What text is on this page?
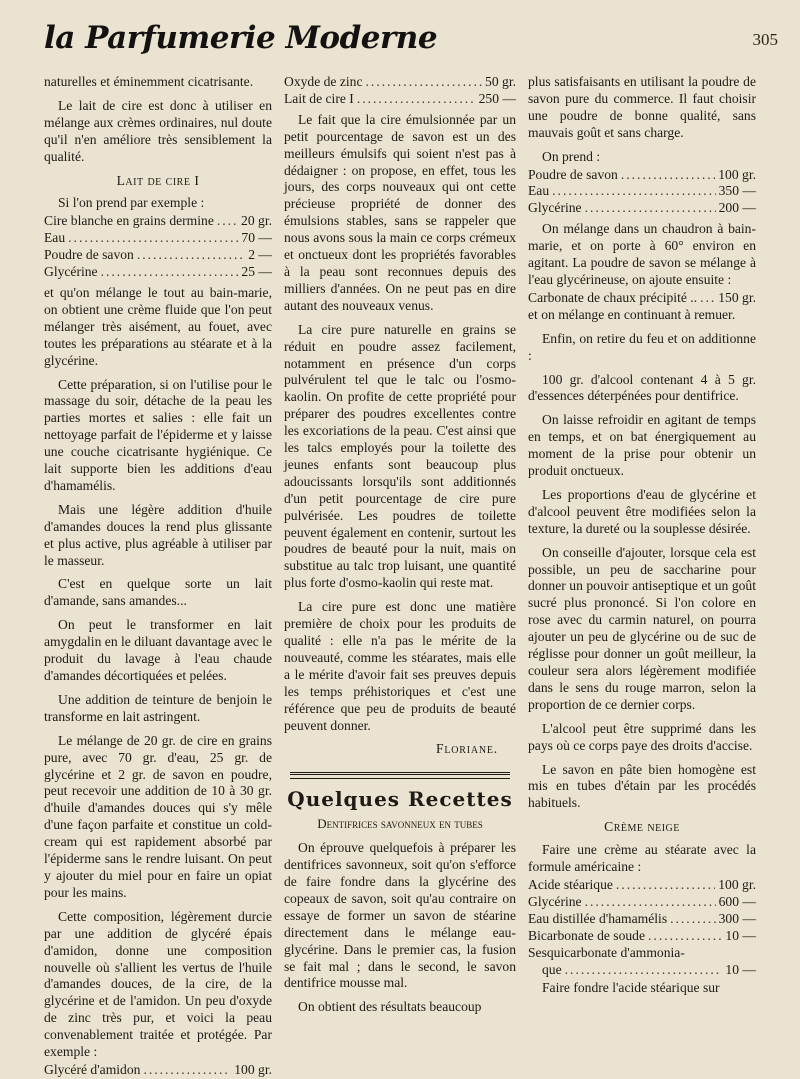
la Parfumerie Moderne	305

naturelles et éminemment cicatrisante.

Le lait de cire est donc à utiliser en mélange aux crèmes ordinaires, nul doute qu'il n'en améliore très sensiblement la qualité.

Lait de cire I

Si l'on prend par exemple :

Cire blanche en grains dermine ..... 20 gr.
Eau .....	70 —
Poudre de savon .....	2 —
Glycérine .....	25 —

et qu'on mélange le tout au bain-marie, on obtient une crème fluide que l'on peut mélanger très aisément, au fouet, avec toutes les préparations au stéarate et à la glycérine.

Cette préparation, si on l'utilise pour le massage du soir, détache de la peau les parties mortes et salies : elle fait un nettoyage parfait de l'épiderme et y laisse une couche cicatrisante hygiénique. Ce lait supporte bien les additions d'eau d'hamamélis.

Mais une légère addition d'huile d'amandes douces la rend plus glissante et plus active, plus agréable à utiliser par le masseur.

C'est en quelque sorte un lait d'amande, sans amandes...

On peut le transformer en lait amygdalin en le diluant davantage avec le produit du lavage à l'eau chaude d'amandes décortiquées et pelées.

Une addition de teinture de benjoin le transforme en lait astringent.

Le mélange de 20 gr. de cire en grains pure, avec 70 gr. d'eau, 25 gr. de glycérine et 2 gr. de savon en poudre, peut recevoir une addition de 10 à 30 gr. d'huile d'amandes douces qui s'y mêle d'une façon parfaite et constitue un cold-cream qui est rapidement absorbé par l'épiderme sans le rendre luisant. On peut y ajouter du miel pour en faire un opiat pour les mains.

Cette composition, légèrement durcie par une addition de glycéré épais d'amidon, donne une composition nouvelle où s'allient les vertus de l'huile d'amandes douces, de la cire, de la glycérine et de l'amidon. Un peu d'oxyde de zinc très pur, et voici la peau convenablement traitée et protégée. Par exemple :

Glycéré d'amidon .....	100 gr.
Oxyde de zinc .....	50 gr.
Lait de cire I .....	250 —

Le fait que la cire émulsionnée par un petit pourcentage de savon est un des meilleurs émulsifs qui soient n'est pas à dédaigner : on propose, en effet, tous les jours, des corps nouveaux qui ont cette précieuse propriété de donner des émulsions stables, sans se rappeler que nous avons sous la main ce corps crémeux et onctueux dont les propriétés favorables à la peau sont reconnues depuis des milliers d'années. On ne peut pas en dire autant des nouveaux venus.

La cire pure naturelle en grains se réduit en poudre assez facilement, notamment en présence d'un corps pulvérulent tel que le talc ou l'osmo-kaolin. On profite de cette propriété pour préparer des poudres excellentes contre les excoriations de la peau. C'est ainsi que les talcs employés pour la toilette des jeunes enfants sont beaucoup plus adoucissants lorsqu'ils sont additionnés d'un petit pourcentage de cire pure pulvérisée. Les poudres de toilette peuvent également en contenir, surtout les poudres de beauté pour la nuit, mais on substitue au talc trop luisant, une quantité plus forte d'osmo-kaolin qui reste mat.

La cire pure est donc une matière première de choix pour les produits de qualité : elle n'a pas le mérite de la nouveauté, comme les stéarates, mais elle a le mérite d'avoir fait ses preuves depuis les temps préhistoriques et c'est une référence que peu de produits de beauté peuvent donner.

Floriane.
Quelques Recettes
Dentifrices savonneux en tubes

On éprouve quelquefois à préparer les dentifrices savonneux, soit qu'on s'efforce de faire fondre dans la glycérine des copeaux de savon, soit qu'au contraire on essaye de former un savon de stéarine directement dans le mélange eau-glycérine. Dans le premier cas, la fusion se fait mal ; dans le second, le savon dentifrice mousse mal.

On obtient des résultats beaucoup

plus satisfaisants en utilisant la poudre de savon pure du commerce. Il faut choisir une poudre de bonne qualité, sans mauvais goût et sans charge.

On prend :

Poudre de savon .....	100 gr.
Eau .....	350 —
Glycérine .....	200 —

On mélange dans un chaudron à bain-marie, et on porte à 60° environ en agitant. La poudre de savon se mélange à l'eau glycérineuse, on ajoute ensuite :

Carbonate de chaux précipité .. ..... 150 gr.

et on mélange en continuant à remuer.

Enfin, on retire du feu et on additionne :

100 gr. d'alcool contenant 4 à 5 gr. d'essences déterpénées pour dentifrice.

On laisse refroidir en agitant de temps en temps, et on bat énergiquement au moment de la prise pour obtenir un produit onctueux.

Les proportions d'eau de glycérine et d'alcool peuvent être modifiées selon la texture, la dureté ou la souplesse désirée.

On conseille d'ajouter, lorsque cela est possible, un peu de saccharine pour donner un pouvoir antiseptique et un goût sucré plus prononcé. Si l'on colore en rose avec du carmin naturel, on pourra ajouter un peu de glycérine ou de suc de réglisse pour donner un goût meilleur, la couleur sera alors légèrement modifiée dans le sens du rouge marron, selon la proportion de ce dernier corps.

L'alcool peut être supprimé dans les pays où ce corps paye des droits d'accise.

Le savon en pâte bien homogène est mis en tubes d'étain par les procédés habituels.

Crème neige

Faire une crème au stéarate avec la formule américaine :

Acide stéarique .....	100 gr.
Glycérine .....	600 —
Eau distillée d'hamamélis .....	300 —
Bicarbonate de soude .....	10 —
Sesquicarbonate d'ammonia-
que .....	10 —

Faire fondre l'acide stéarique sur
